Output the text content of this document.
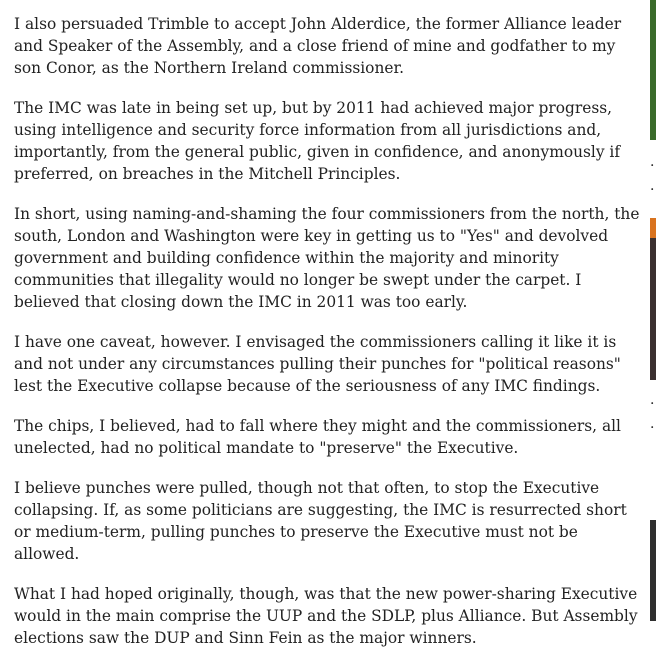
I also persuaded Trimble to accept John Alderdice, the former Alliance leader and Speaker of the Assembly, and a close friend of mine and godfather to my son Conor, as the Northern Ireland commissioner.

The IMC was late in being set up, but by 2011 had achieved major progress, using intelligence and security force information from all jurisdictions and, importantly, from the general public, given in confidence, and anonymously if preferred, on breaches in the Mitchell Principles.

In short, using naming-and-shaming the four commissioners from the north, the south, London and Washington were key in getting us to "Yes" and devolved government and building confidence within the majority and minority communities that illegality would no longer be swept under the carpet. I believed that closing down the IMC in 2011 was too early.

I have one caveat, however. I envisaged the commissioners calling it like it is and not under any circumstances pulling their punches for "political reasons" lest the Executive collapse because of the seriousness of any IMC findings.

The chips, I believed, had to fall where they might and the commissioners, all unelected, had no political mandate to "preserve" the Executive.

I believe punches were pulled, though not that often, to stop the Executive collapsing. If, as some politicians are suggesting, the IMC is resurrected short or medium-term, pulling punches to preserve the Executive must not be allowed.

What I had hoped originally, though, was that the new power-sharing Executive would in the main comprise the UUP and the SDLP, plus Alliance. But Assembly elections saw the DUP and Sinn Fein as the major winners.

·
·
·
·
